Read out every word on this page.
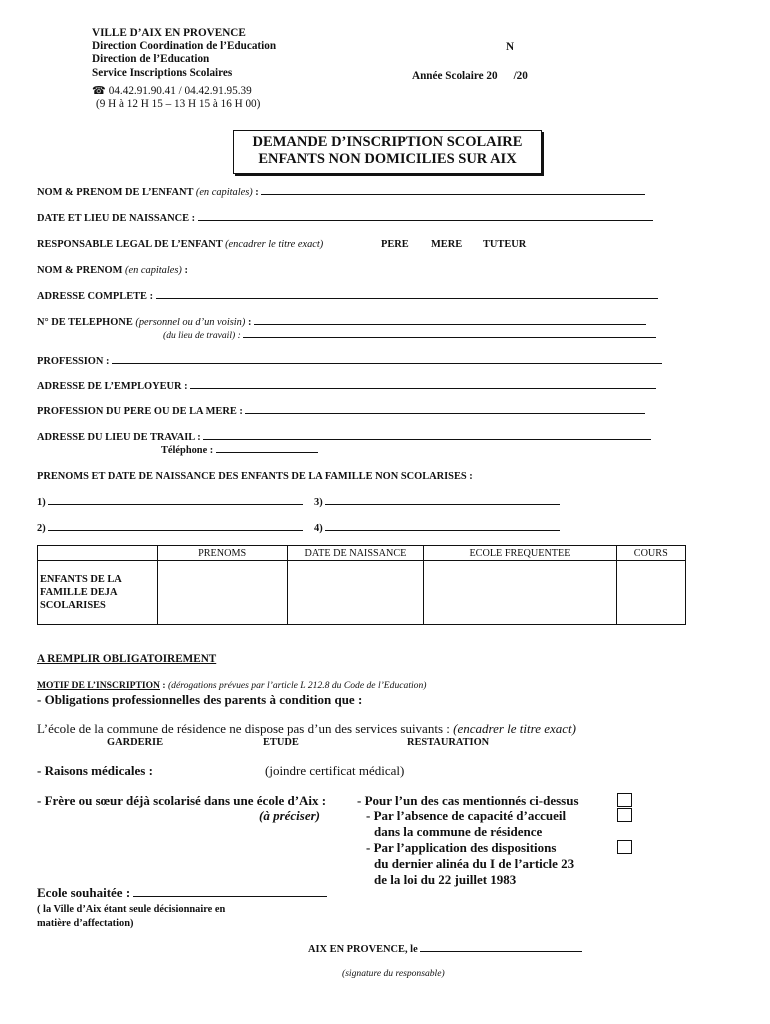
VILLE D’AIX EN PROVENCE
Direction Coordination de l’Education
Direction de l’Education
Service Inscriptions Scolaires
☎ 04.42.91.90.41 / 04.42.91.95.39
(9 H à 12 H 15 – 13 H 15 à 16 H 00)
N
Année Scolaire 20 /20
DEMANDE D’INSCRIPTION SCOLAIRE
ENFANTS NON DOMICILIES SUR AIX
NOM & PRENOM DE L’ENFANT (en capitales) :
DATE ET LIEU DE NAISSANCE :
RESPONSABLE LEGAL DE L’ENFANT (encadrer le titre exact)	PERE MERE TUTEUR
NOM & PRENOM (en capitales) :
ADRESSE COMPLETE :
N° DE TELEPHONE (personnel ou d’un voisin) :
(du lieu de travail) :
PROFESSION :
ADRESSE DE L’EMPLOYEUR :
PROFESSION DU PERE OU DE LA MERE :
ADRESSE DU LIEU DE TRAVAIL :
Téléphone :
PRENOMS ET DATE DE NAISSANCE DES ENFANTS DE LA FAMILLE NON SCOLARISES :
1)	3)
2)	4)
	PRENOMS	DATE DE NAISSANCE	ECOLE FREQUENTEE	COURS
ENFANTS DE LA FAMILLE DEJA SCOLARISES				
A REMPLIR OBLIGATOIREMENT
MOTIF DE L’INSCRIPTION : (dérogations prévues par l’article L 212.8 du Code de l’Education)
- Obligations professionnelles des parents à condition que :
L’école de la commune de résidence ne dispose pas d’un des services suivants : (encadrer le titre exact)
GARDERIE	ETUDE	RESTAURATION
- Raisons médicales :	(joindre certificat médical)
- Frère ou sœur déjà scolarisé dans une école d’Aix :
(à préciser)
- Pour l’un des cas mentionnés ci-dessus
- Par l’absence de capacité d’accueil
dans la commune de résidence
- Par l’application des dispositions
du dernier alinéa du I de l’article 23
de la loi du 22 juillet 1983
Ecole souhaitée :
( la Ville d’Aix étant seule décisionnaire en
matière d’affectation)
AIX EN PROVENCE, le
(signature du responsable)
